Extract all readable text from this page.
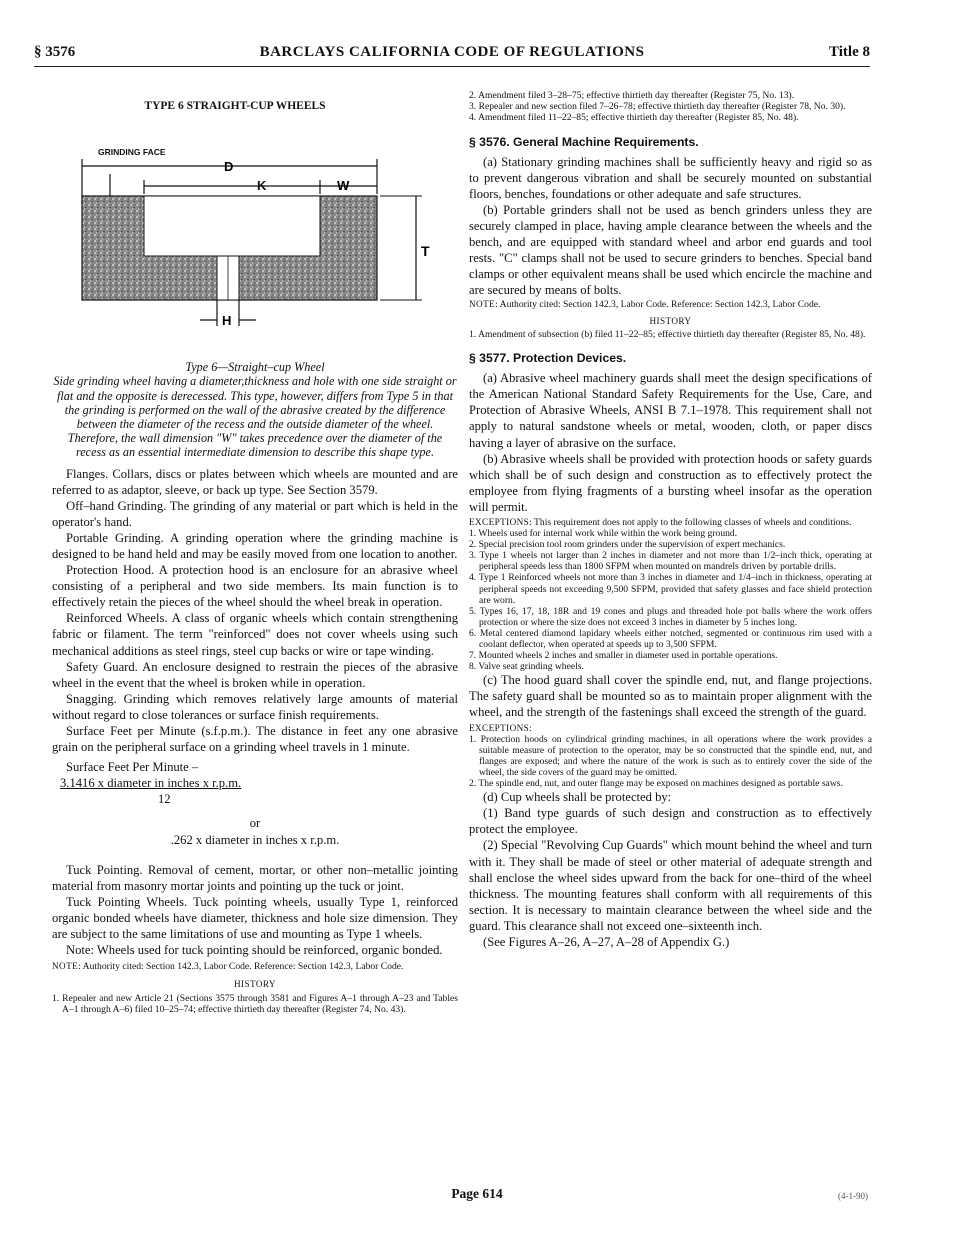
§ 3576	BARCLAYS CALIFORNIA CODE OF REGULATIONS	Title 8

TYPE 6 STRAIGHT-CUP WHEELS

GRINDING FACE
D
K	W

T
H

Type 6—Straight–cup Wheel

Side grinding wheel having a diameter,thickness and hole with one side straight or flat and the opposite is derecessed. This type, however, differs from Type 5 in that the grinding is performed on the wall of the abrasive created by the difference between the diameter of the recess and the outside diameter of the wheel. Therefore, the wall dimension "W" takes precedence over the diameter of the recess as an essential intermediate dimension to describe this shape type.

Flanges. Collars, discs or plates between which wheels are mounted and are referred to as adaptor, sleeve, or back up type. See Section 3579.

Off–hand Grinding. The grinding of any material or part which is held in the operator's hand.

Portable Grinding. A grinding operation where the grinding machine is designed to be hand held and may be easily moved from one location to another.

Protection Hood. A protection hood is an enclosure for an abrasive wheel consisting of a peripheral and two side members. Its main function is to effectively retain the pieces of the wheel should the wheel break in operation.

Reinforced Wheels. A class of organic wheels which contain strengthening fabric or filament. The term "reinforced" does not cover wheels using such mechanical additions as steel rings, steel cup backs or wire or tape winding.

Safety Guard. An enclosure designed to restrain the pieces of the abrasive wheel in the event that the wheel is broken while in operation.

Snagging. Grinding which removes relatively large amounts of material without regard to close tolerances or surface finish requirements.

Surface Feet per Minute (s.f.p.m.). The distance in feet any one abrasive grain on the peripheral surface on a grinding wheel travels in 1 minute.

Surface Feet Per Minute –

3.1416 x diameter in inches x r.p.m.

12

or

.262 x diameter in inches x r.p.m.

Tuck Pointing. Removal of cement, mortar, or other non–metallic jointing material from masonry mortar joints and pointing up the tuck or joint.

Tuck Pointing Wheels. Tuck pointing wheels, usually Type 1, reinforced organic bonded wheels have diameter, thickness and hole size dimension. They are subject to the same limitations of use and mounting as Type 1 wheels.

Note: Wheels used for tuck pointing should be reinforced, organic bonded.

NOTE: Authority cited: Section 142.3, Labor Code. Reference: Section 142.3, Labor Code.

HISTORY

1. Repealer and new Article 21 (Sections 3575 through 3581 and Figures A–1 through A–23 and Tables A–1 through A–6) filed 10–25–74; effective thirtieth day thereafter (Register 74, No. 43).

2. Amendment filed 3–28–75; effective thirtieth day thereafter (Register 75, No. 13).

3. Repealer and new section filed 7–26–78; effective thirtieth day thereafter (Register 78, No. 30).

4. Amendment filed 11–22–85; effective thirtieth day thereafter (Register 85, No. 48).

§ 3576. General Machine Requirements.

(a) Stationary grinding machines shall be sufficiently heavy and rigid so as to prevent dangerous vibration and shall be securely mounted on substantial floors, benches, foundations or other adequate and safe structures.

(b) Portable grinders shall not be used as bench grinders unless they are securely clamped in place, having ample clearance between the wheels and the bench, and are equipped with standard wheel and arbor end guards and tool rests. "C" clamps shall not be used to secure grinders to benches. Special band clamps or other equivalent means shall be used which encircle the machine and are secured by means of bolts.

NOTE: Authority cited: Section 142.3, Labor Code. Reference: Section 142.3, Labor Code.

HISTORY

1. Amendment of subsection (b) filed 11–22–85; effective thirtieth day thereafter (Register 85, No. 48).

§ 3577. Protection Devices.

(a) Abrasive wheel machinery guards shall meet the design specifications of the American National Standard Safety Requirements for the Use, Care, and Protection of Abrasive Wheels, ANSI B 7.1–1978. This requirement shall not apply to natural sandstone wheels or metal, wooden, cloth, or paper discs having a layer of abrasive on the surface.

(b) Abrasive wheels shall be provided with protection hoods or safety guards which shall be of such design and construction as to effectively protect the employee from flying fragments of a bursting wheel insofar as the operation will permit.

EXCEPTIONS: This requirement does not apply to the following classes of wheels and conditions.

1. Wheels used for internal work while within the work being ground.

2. Special precision tool room grinders under the supervision of expert mechanics.

3. Type 1 wheels not larger than 2 inches in diameter and not more than 1/2–inch thick, operating at peripheral speeds less than 1800 SFPM when mounted on mandrels driven by portable drills.

4. Type 1 Reinforced wheels not more than 3 inches in diameter and 1/4–inch in thickness, operating at peripheral speeds not exceeding 9,500 SFPM, provided that safety glasses and face shield protection are worn.

5. Types 16, 17, 18, 18R and 19 cones and plugs and threaded hole pot balls where the work offers protection or where the size does not exceed 3 inches in diameter by 5 inches long.

6. Metal centered diamond lapidary wheels either notched, segmented or continuous rim used with a coolant deflector, when operated at speeds up to 3,500 SFPM.

7. Mounted wheels 2 inches and smaller in diameter used in portable operations.

8. Valve seat grinding wheels.

(c) The hood guard shall cover the spindle end, nut, and flange projections. The safety guard shall be mounted so as to maintain proper alignment with the wheel, and the strength of the fastenings shall exceed the strength of the guard.

EXCEPTIONS:

1. Protection hoods on cylindrical grinding machines, in all operations where the work provides a suitable measure of protection to the operator, may be so constructed that the spindle end, nut, and flanges are exposed; and where the nature of the work is such as to entirely cover the side of the wheel, the side covers of the guard may be omitted.

2. The spindle end, nut, and outer flange may be exposed on machines designed as portable saws.

(d) Cup wheels shall be protected by:

(1) Band type guards of such design and construction as to effectively protect the employee.

(2) Special "Revolving Cup Guards" which mount behind the wheel and turn with it. They shall be made of steel or other material of adequate strength and shall enclose the wheel sides upward from the back for one–third of the wheel thickness. The mounting features shall conform with all requirements of this section. It is necessary to maintain clearance between the wheel side and the guard. This clearance shall not exceed one–sixteenth inch.

(See Figures A–26, A–27, A–28 of Appendix G.)

Page 614	(4-1-90)
